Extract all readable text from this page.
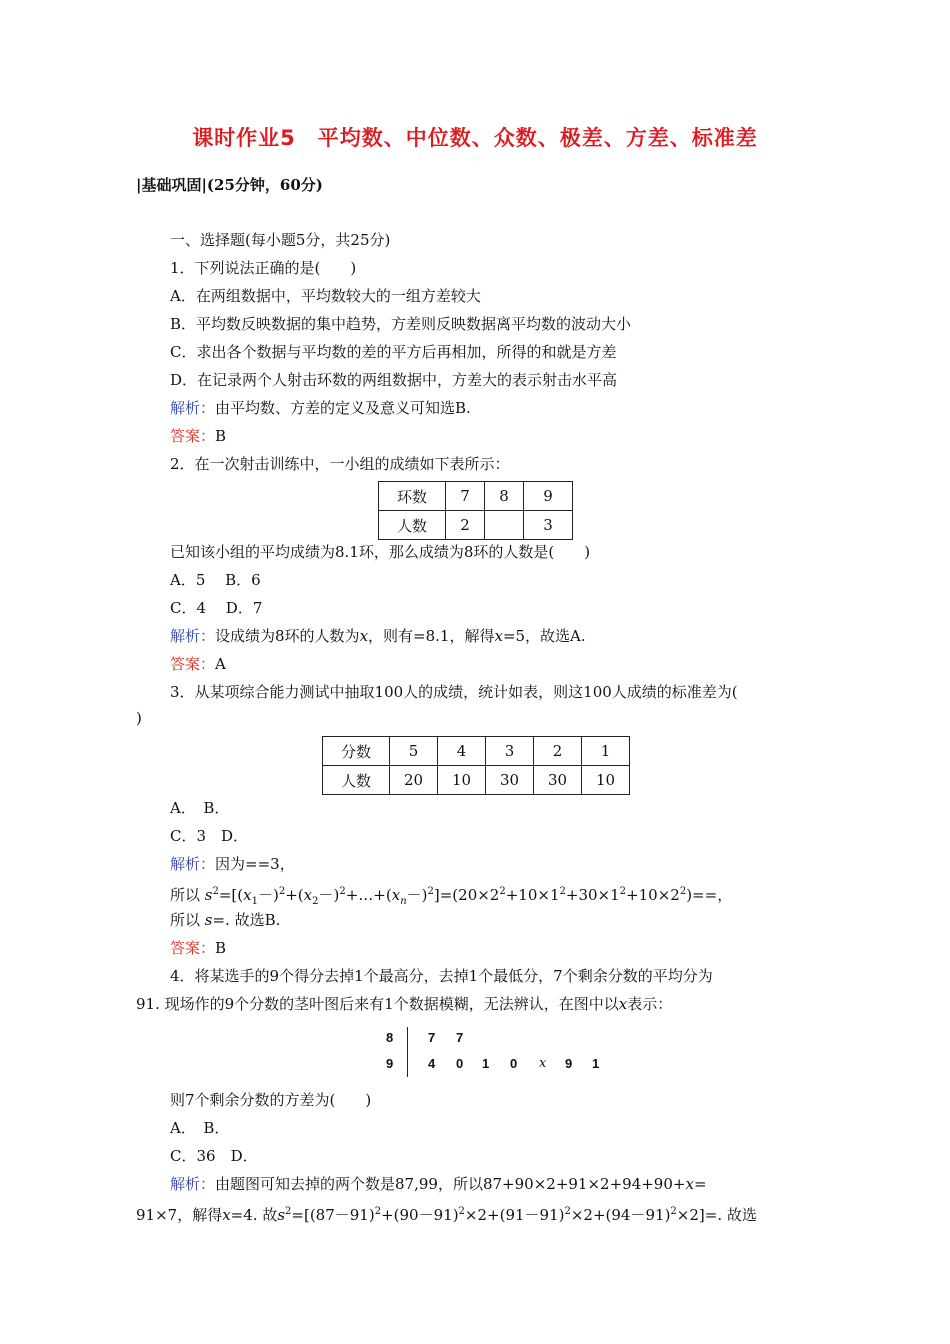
课时作业5　平均数、中位数、众数、极差、方差、标准差
|基础巩固|(25分钟，60分)
一、选择题(每小题5分，共25分)
1．下列说法正确的是(　　)
A．在两组数据中，平均数较大的一组方差较大
B．平均数反映数据的集中趋势，方差则反映数据离平均数的波动大小
C．求出各个数据与平均数的差的平方后再相加，所得的和就是方差
D．在记录两个人射击环数的两组数据中，方差大的表示射击水平高
解析：由平均数、方差的定义及意义可知选B.
答案：B
2．在一次射击训练中，一小组的成绩如下表所示：
环数	7	8	9
人数	2		3
已知该小组的平均成绩为8.1环，那么成绩为8环的人数是(　　)
A．5　 B．6
C．4　 D．7
解析：设成绩为8环的人数为x，则有=8.1，解得x=5，故选A.
答案：A
3．从某项综合能力测试中抽取100人的成绩，统计如表，则这100人成绩的标准差为(
)
分数	5	4	3	2	1
人数	20	10	30	30	10
A．　B．
C．3　D．
解析：因为==3，
所以 $s^2=[(x_1-)^2+(x_2-)^2+\dots+(x_n-)^2]=(20\times 2^2+10\times 1^2+30\times 1^2+10\times 2^2)==$，
所以 s=. 故选B.
答案：B
4．将某选手的9个得分去掉1个最高分，去掉1个最低分，7个剩余分数的平均分为
91. 现场作的9个分数的茎叶图后来有1个数据模糊，无法辨认，在图中以x表示：
8	7 7
9	4 0 1 0 x 9 1
则7个剩余分数的方差为(　　)
A．　B．
C．36　D．
解析：由题图可知去掉的两个数是87,99，所以87+90×2+91×2+94+90+x=
91×7，解得x=4. 故$s^2=[(87-91)^2+(90-91)^2\times 2+(91-91)^2\times 2+(94-91)^2\times 2]=$. 故选
